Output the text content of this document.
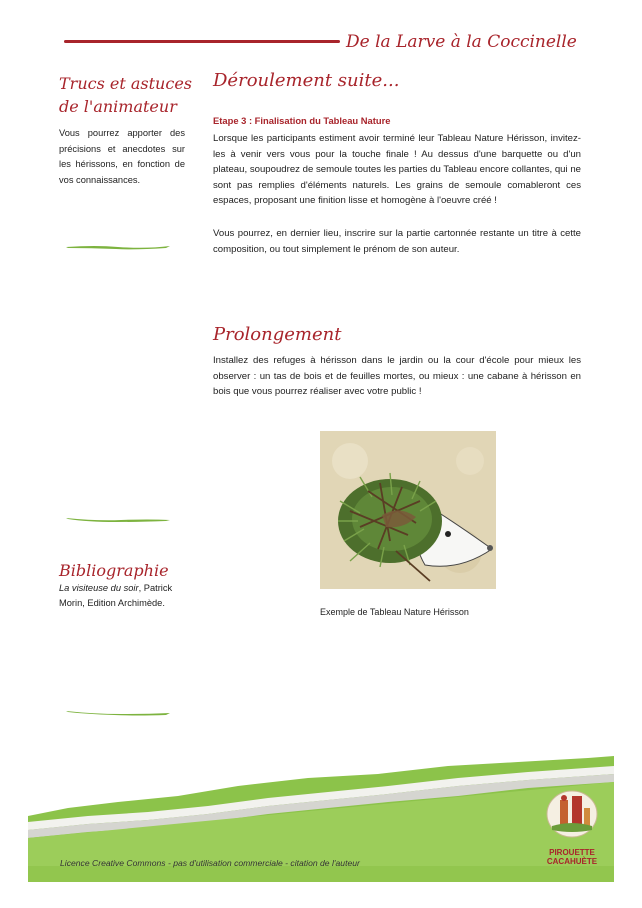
De la Larve à la Coccinelle
Trucs et astuces
de l'animateur
Vous pourrez apporter des précisions et anecdotes sur les hérissons, en fonction de vos connaissances.
Bibliographie
La visiteuse du soir, Patrick Morin, Edition Archimède.
Déroulement suite...
Etape 3 : Finalisation du Tableau Nature
Lorsque les participants estiment avoir terminé leur Tableau Nature Hérisson, invitez-les à venir vers vous pour la touche finale ! Au dessus d'une barquette ou d'un plateau, soupoudrez de semoule toutes les parties du Tableau encore collantes, qui ne sont pas remplies d'éléments naturels. Les grains de semoule comableront ces espaces, proposant une finition lisse et homogène à l'oeuvre créé !
Vous pourrez, en dernier lieu, inscrire sur la partie cartonnée restante un titre à cette composition, ou tout simplement le prénom de son auteur.
Prolongement
Installez des refuges à hérisson dans le jardin ou la cour d'école pour mieux les observer : un tas de bois et de feuilles mortes, ou mieux : une cabane à hérisson en bois que vous pourrez réaliser avec votre public !
Exemple de Tableau Nature Hérisson
Licence Creative Commons - pas d'utilisation commerciale - citation de l'auteur
PIROUETTE
CACAHUÈTE
